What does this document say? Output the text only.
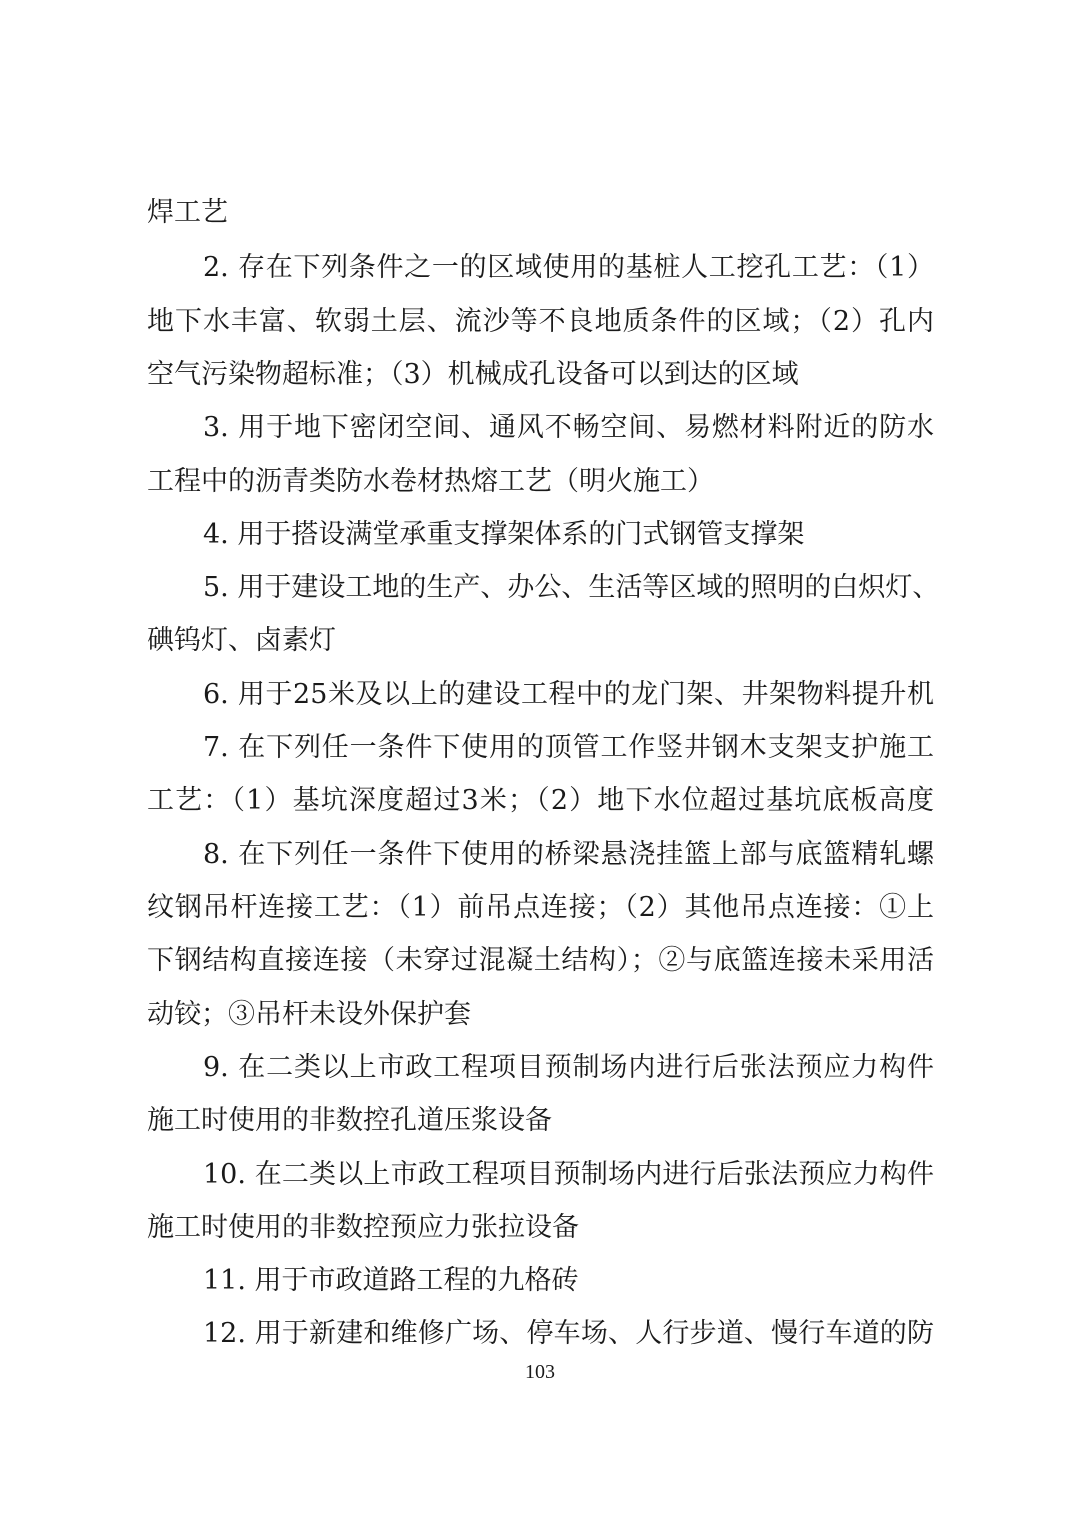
焊工艺
2. 存在下列条件之一的区域使用的基桩人工挖孔工艺：（1）
地下水丰富、软弱土层、流沙等不良地质条件的区域；（2）孔内
空气污染物超标准；（3）机械成孔设备可以到达的区域
3. 用于地下密闭空间、通风不畅空间、易燃材料附近的防水
工程中的沥青类防水卷材热熔工艺（明火施工）
4. 用于搭设满堂承重支撑架体系的门式钢管支撑架
5. 用于建设工地的生产、办公、生活等区域的照明的白炽灯、
碘钨灯、卤素灯
6. 用于25米及以上的建设工程中的龙门架、井架物料提升机
7. 在下列任一条件下使用的顶管工作竖井钢木支架支护施工
工艺：（1）基坑深度超过3米；（2）地下水位超过基坑底板高度
8. 在下列任一条件下使用的桥梁悬浇挂篮上部与底篮精轧螺
纹钢吊杆连接工艺：（1）前吊点连接；（2）其他吊点连接：①上
下钢结构直接连接（未穿过混凝土结构）；②与底篮连接未采用活
动铰；③吊杆未设外保护套
9. 在二类以上市政工程项目预制场内进行后张法预应力构件
施工时使用的非数控孔道压浆设备
10. 在二类以上市政工程项目预制场内进行后张法预应力构件
施工时使用的非数控预应力张拉设备
11. 用于市政道路工程的九格砖
12. 用于新建和维修广场、停车场、人行步道、慢行车道的防
103
